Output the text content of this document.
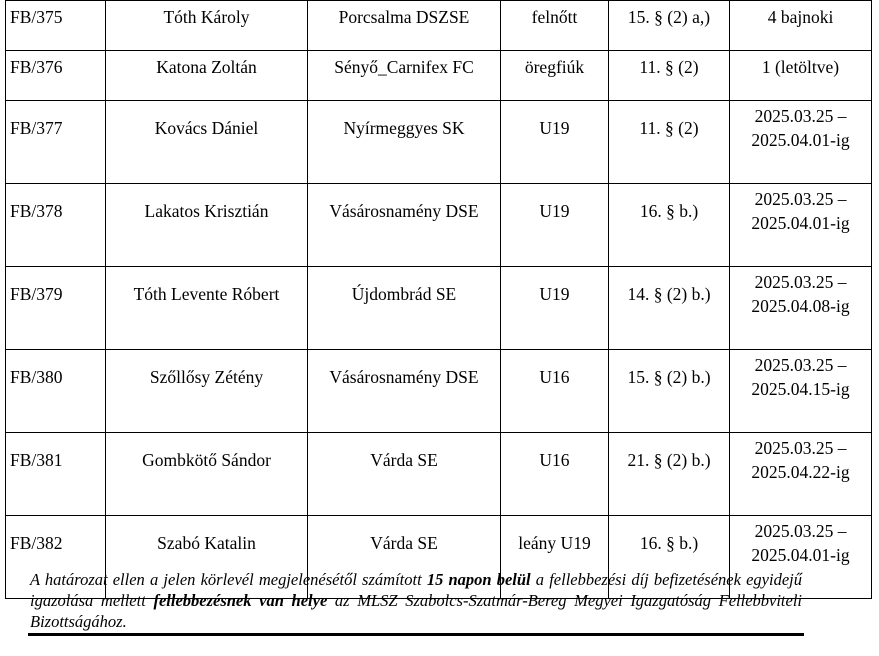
FB/375	Tóth Károly	Porcsalma DSZSE	felnőtt	15. § (2) a,)	4 bajnoki
FB/376	Katona Zoltán	Sényő_Carnifex FC	öregfiúk	11. § (2)	1 (letöltve)
FB/377	Kovács Dániel	Nyírmeggyes SK	U19	11. § (2)	2025.03.25 –
2025.04.01-ig
FB/378	Lakatos Krisztián	Vásárosnamény DSE	U19	16. § b.)	2025.03.25 –
2025.04.01-ig
FB/379	Tóth Levente Róbert	Újdombrád SE	U19	14. § (2) b.)	2025.03.25 –
2025.04.08-ig
FB/380	Szőllősy Zétény	Vásárosnamény DSE	U16	15. § (2) b.)	2025.03.25 –
2025.04.15-ig
FB/381	Gombkötő Sándor	Várda SE	U16	21. § (2) b.)	2025.03.25 –
2025.04.22-ig
FB/382	Szabó Katalin	Várda SE	leány U19	16. § b.)	2025.03.25 –
2025.04.01-ig

A határozat ellen a jelen körlevél megjelenésétől számított 15 napon belül a fellebbezési díj befizetésének egyidejű igazolása mellett fellebbezésnek van helye az MLSZ Szabolcs-Szatmár-Bereg Megyei Igazgatóság Fellebbviteli Bizottságához.
